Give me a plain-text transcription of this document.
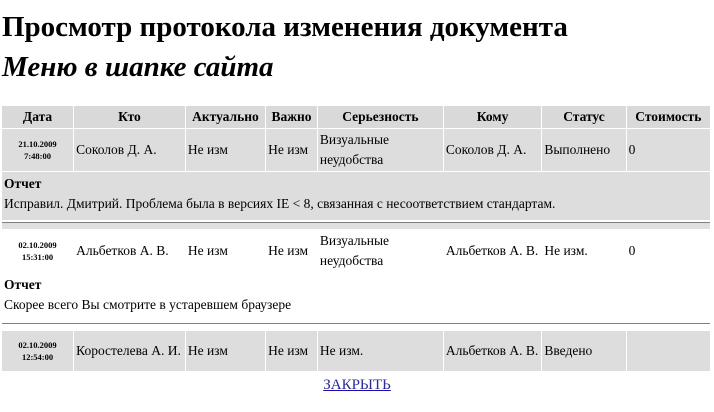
Просмотр протокола изменения документа
Меню в шапке сайта
Дата	Кто	Актуально	Важно	Серьезность	Кому	Статус	Стоимость
21.10.2009
7:48:00	Соколов Д. А.	Не изм	Не изм	Визуальные неудобства	Соколов Д. А.	Выполнено	0

Отчет
Исправил. Дмитрий. Проблема была в версиях IE < 8, связанная с несоответствием стандартам.							

02.10.2009
15:31:00	Альбетков А. В.	Не изм	Не изм	Визуальные неудобства	Альбетков А. В.	Не изм.	0

Отчет
Скорее всего Вы смотрите в устаревшем браузере							

02.10.2009
12:54:00	Коростелева А. И.	Не изм	Не изм	Не изм.	Альбетков А. В.	Введено	
ЗАКРЫТЬ
